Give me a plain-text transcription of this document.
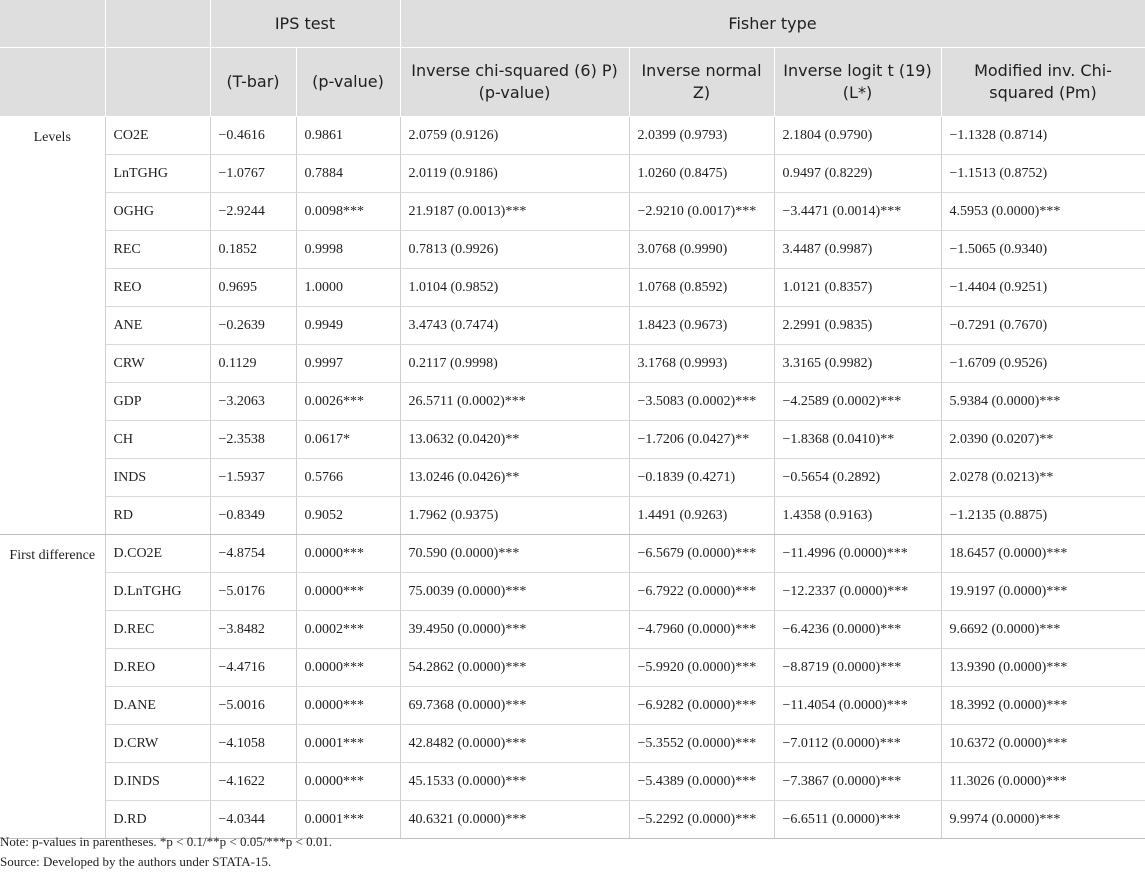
		IPS test		Fisher type			
		(T-bar)	(p-value)	Inverse chi-squared (6) P) (p-value)	Inverse normal Z)	Inverse logit t (19) (L*)	Modified inv. Chi-squared (Pm)
Levels	CO2E	−0.4616	0.9861	2.0759 (0.9126)	2.0399 (0.9793)	2.1804 (0.9790)	−1.1328 (0.8714)
	LnTGHG	−1.0767	0.7884	2.0119 (0.9186)	1.0260 (0.8475)	0.9497 (0.8229)	−1.1513 (0.8752)
	OGHG	−2.9244	0.0098***	21.9187 (0.0013)***	−2.9210 (0.0017)***	−3.4471 (0.0014)***	4.5953 (0.0000)***
	REC	0.1852	0.9998	0.7813 (0.9926)	3.0768 (0.9990)	3.4487 (0.9987)	−1.5065 (0.9340)
	REO	0.9695	1.0000	1.0104 (0.9852)	1.0768 (0.8592)	1.0121 (0.8357)	−1.4404 (0.9251)
	ANE	−0.2639	0.9949	3.4743 (0.7474)	1.8423 (0.9673)	2.2991 (0.9835)	−0.7291 (0.7670)
	CRW	0.1129	0.9997	0.2117 (0.9998)	3.1768 (0.9993)	3.3165 (0.9982)	−1.6709 (0.9526)
	GDP	−3.2063	0.0026***	26.5711 (0.0002)***	−3.5083 (0.0002)***	−4.2589 (0.0002)***	5.9384 (0.0000)***
	CH	−2.3538	0.0617*	13.0632 (0.0420)**	−1.7206 (0.0427)**	−1.8368 (0.0410)**	2.0390 (0.0207)**
	INDS	−1.5937	0.5766	13.0246 (0.0426)**	−0.1839 (0.4271)	−0.5654 (0.2892)	2.0278 (0.0213)**
	RD	−0.8349	0.9052	1.7962 (0.9375)	1.4491 (0.9263)	1.4358 (0.9163)	−1.2135 (0.8875)
First difference	D.CO2E	−4.8754	0.0000***	70.590 (0.0000)***	−6.5679 (0.0000)***	−11.4996 (0.0000)***	18.6457 (0.0000)***
	D.LnTGHG	−5.0176	0.0000***	75.0039 (0.0000)***	−6.7922 (0.0000)***	−12.2337 (0.0000)***	19.9197 (0.0000)***
	D.REC	−3.8482	0.0002***	39.4950 (0.0000)***	−4.7960 (0.0000)***	−6.4236 (0.0000)***	9.6692 (0.0000)***
	D.REO	−4.4716	0.0000***	54.2862 (0.0000)***	−5.9920 (0.0000)***	−8.8719 (0.0000)***	13.9390 (0.0000)***
	D.ANE	−5.0016	0.0000***	69.7368 (0.0000)***	−6.9282 (0.0000)***	−11.4054 (0.0000)***	18.3992 (0.0000)***
	D.CRW	−4.1058	0.0001***	42.8482 (0.0000)***	−5.3552 (0.0000)***	−7.0112 (0.0000)***	10.6372 (0.0000)***
	D.INDS	−4.1622	0.0000***	45.1533 (0.0000)***	−5.4389 (0.0000)***	−7.3867 (0.0000)***	11.3026 (0.0000)***
	D.RD	−4.0344	0.0001***	40.6321 (0.0000)***	−5.2292 (0.0000)***	−6.6511 (0.0000)***	9.9974 (0.0000)***

Note: p-values in parentheses. *p < 0.1/**p < 0.05/***p < 0.01.

Source: Developed by the authors under STATA-15.
